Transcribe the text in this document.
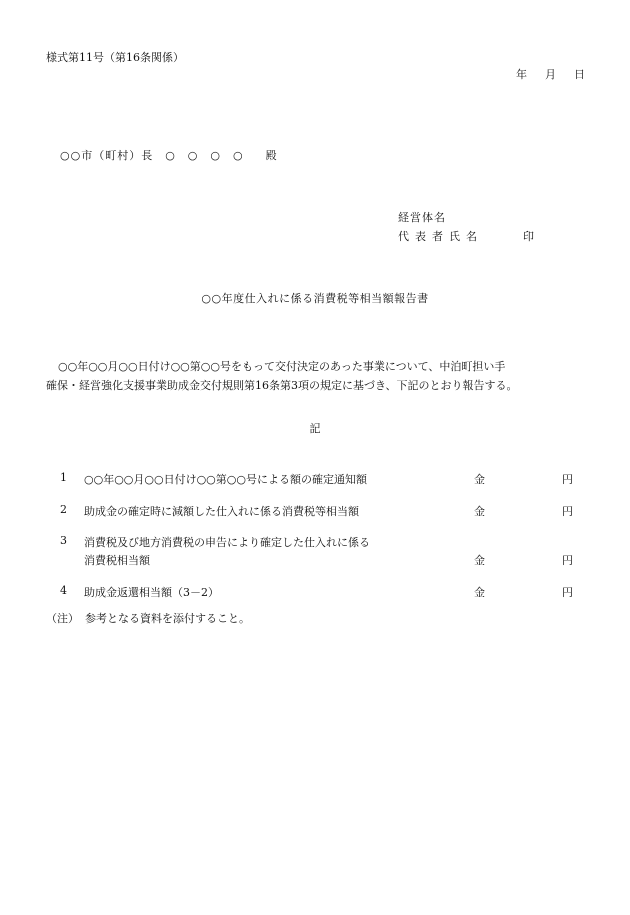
様式第11号（第16条関係）
年 月 日
○○市（町村）長　○　○　○　○ 殿
経営体名
代表者氏名	印
○○年度仕入れに係る消費税等相当額報告書
○○年○○月○○日付け○○第○○号をもって交付決定のあった事業について、中泊町担い手
確保・経営強化支援事業助成金交付規則第16条第3項の規定に基づき、下記のとおり報告する。
記
1 ○○年○○月○○日付け○○第○○号による額の確定通知額	金	円
2 助成金の確定時に減額した仕入れに係る消費税等相当額	金	円
3 消費税及び地方消費税の申告により確定した仕入れに係る
消費税相当額	金	円
4 助成金返還相当額（3－2）	金	円
（注） 参考となる資料を添付すること。
